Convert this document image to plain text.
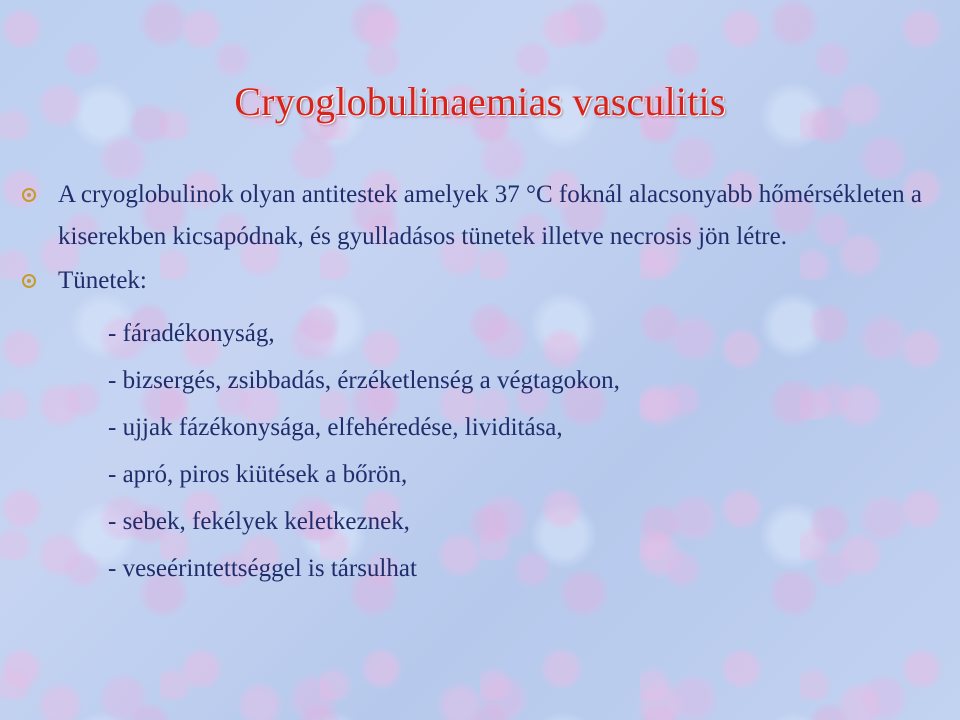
Cryoglobulinaemias vasculitis
A cryoglobulinok olyan antitestek amelyek 37 °C foknál alacsonyabb hőmérsékleten a kiserekben kicsapódnak, és gyulladásos tünetek illetve necrosis jön létre.
Tünetek:
- fáradékonyság,
- bizsergés, zsibbadás, érzéketlenség a végtagokon,
- ujjak fázékonysága, elfehéredése, lividitása,
- apró, piros kiütések a bőrön,
- sebek, fekélyek keletkeznek,
- veseérintettséggel is társulhat
